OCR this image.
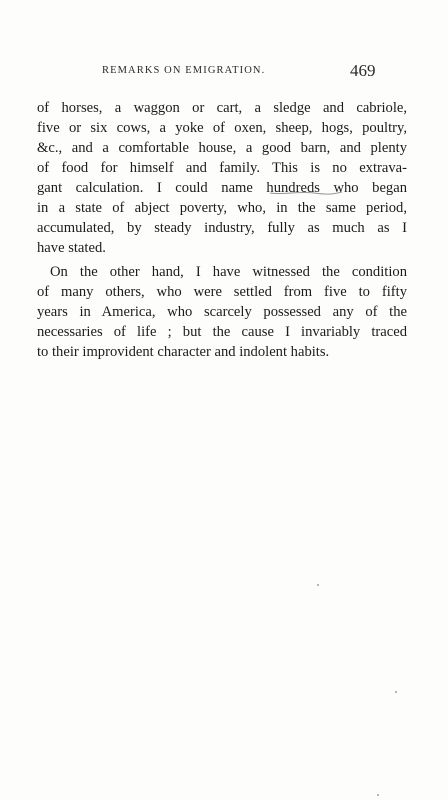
REMARKS ON EMIGRATION.	469
of horses, a waggon or cart, a sledge and cabriole,
five or six cows, a yoke of oxen, sheep, hogs, poultry,
&c., and a comfortable house, a good barn, and plenty
of food for himself and family. This is no extrava-
gant calculation. I could name hundreds who began
in a state of abject poverty, who, in the same period,
accumulated, by steady industry, fully as much as I
have stated.
On the other hand, I have witnessed the condition
of many others, who were settled from five to fifty
years in America, who scarcely possessed any of the
necessaries of life ; but the cause I invariably traced
to their improvident character and indolent habits.
